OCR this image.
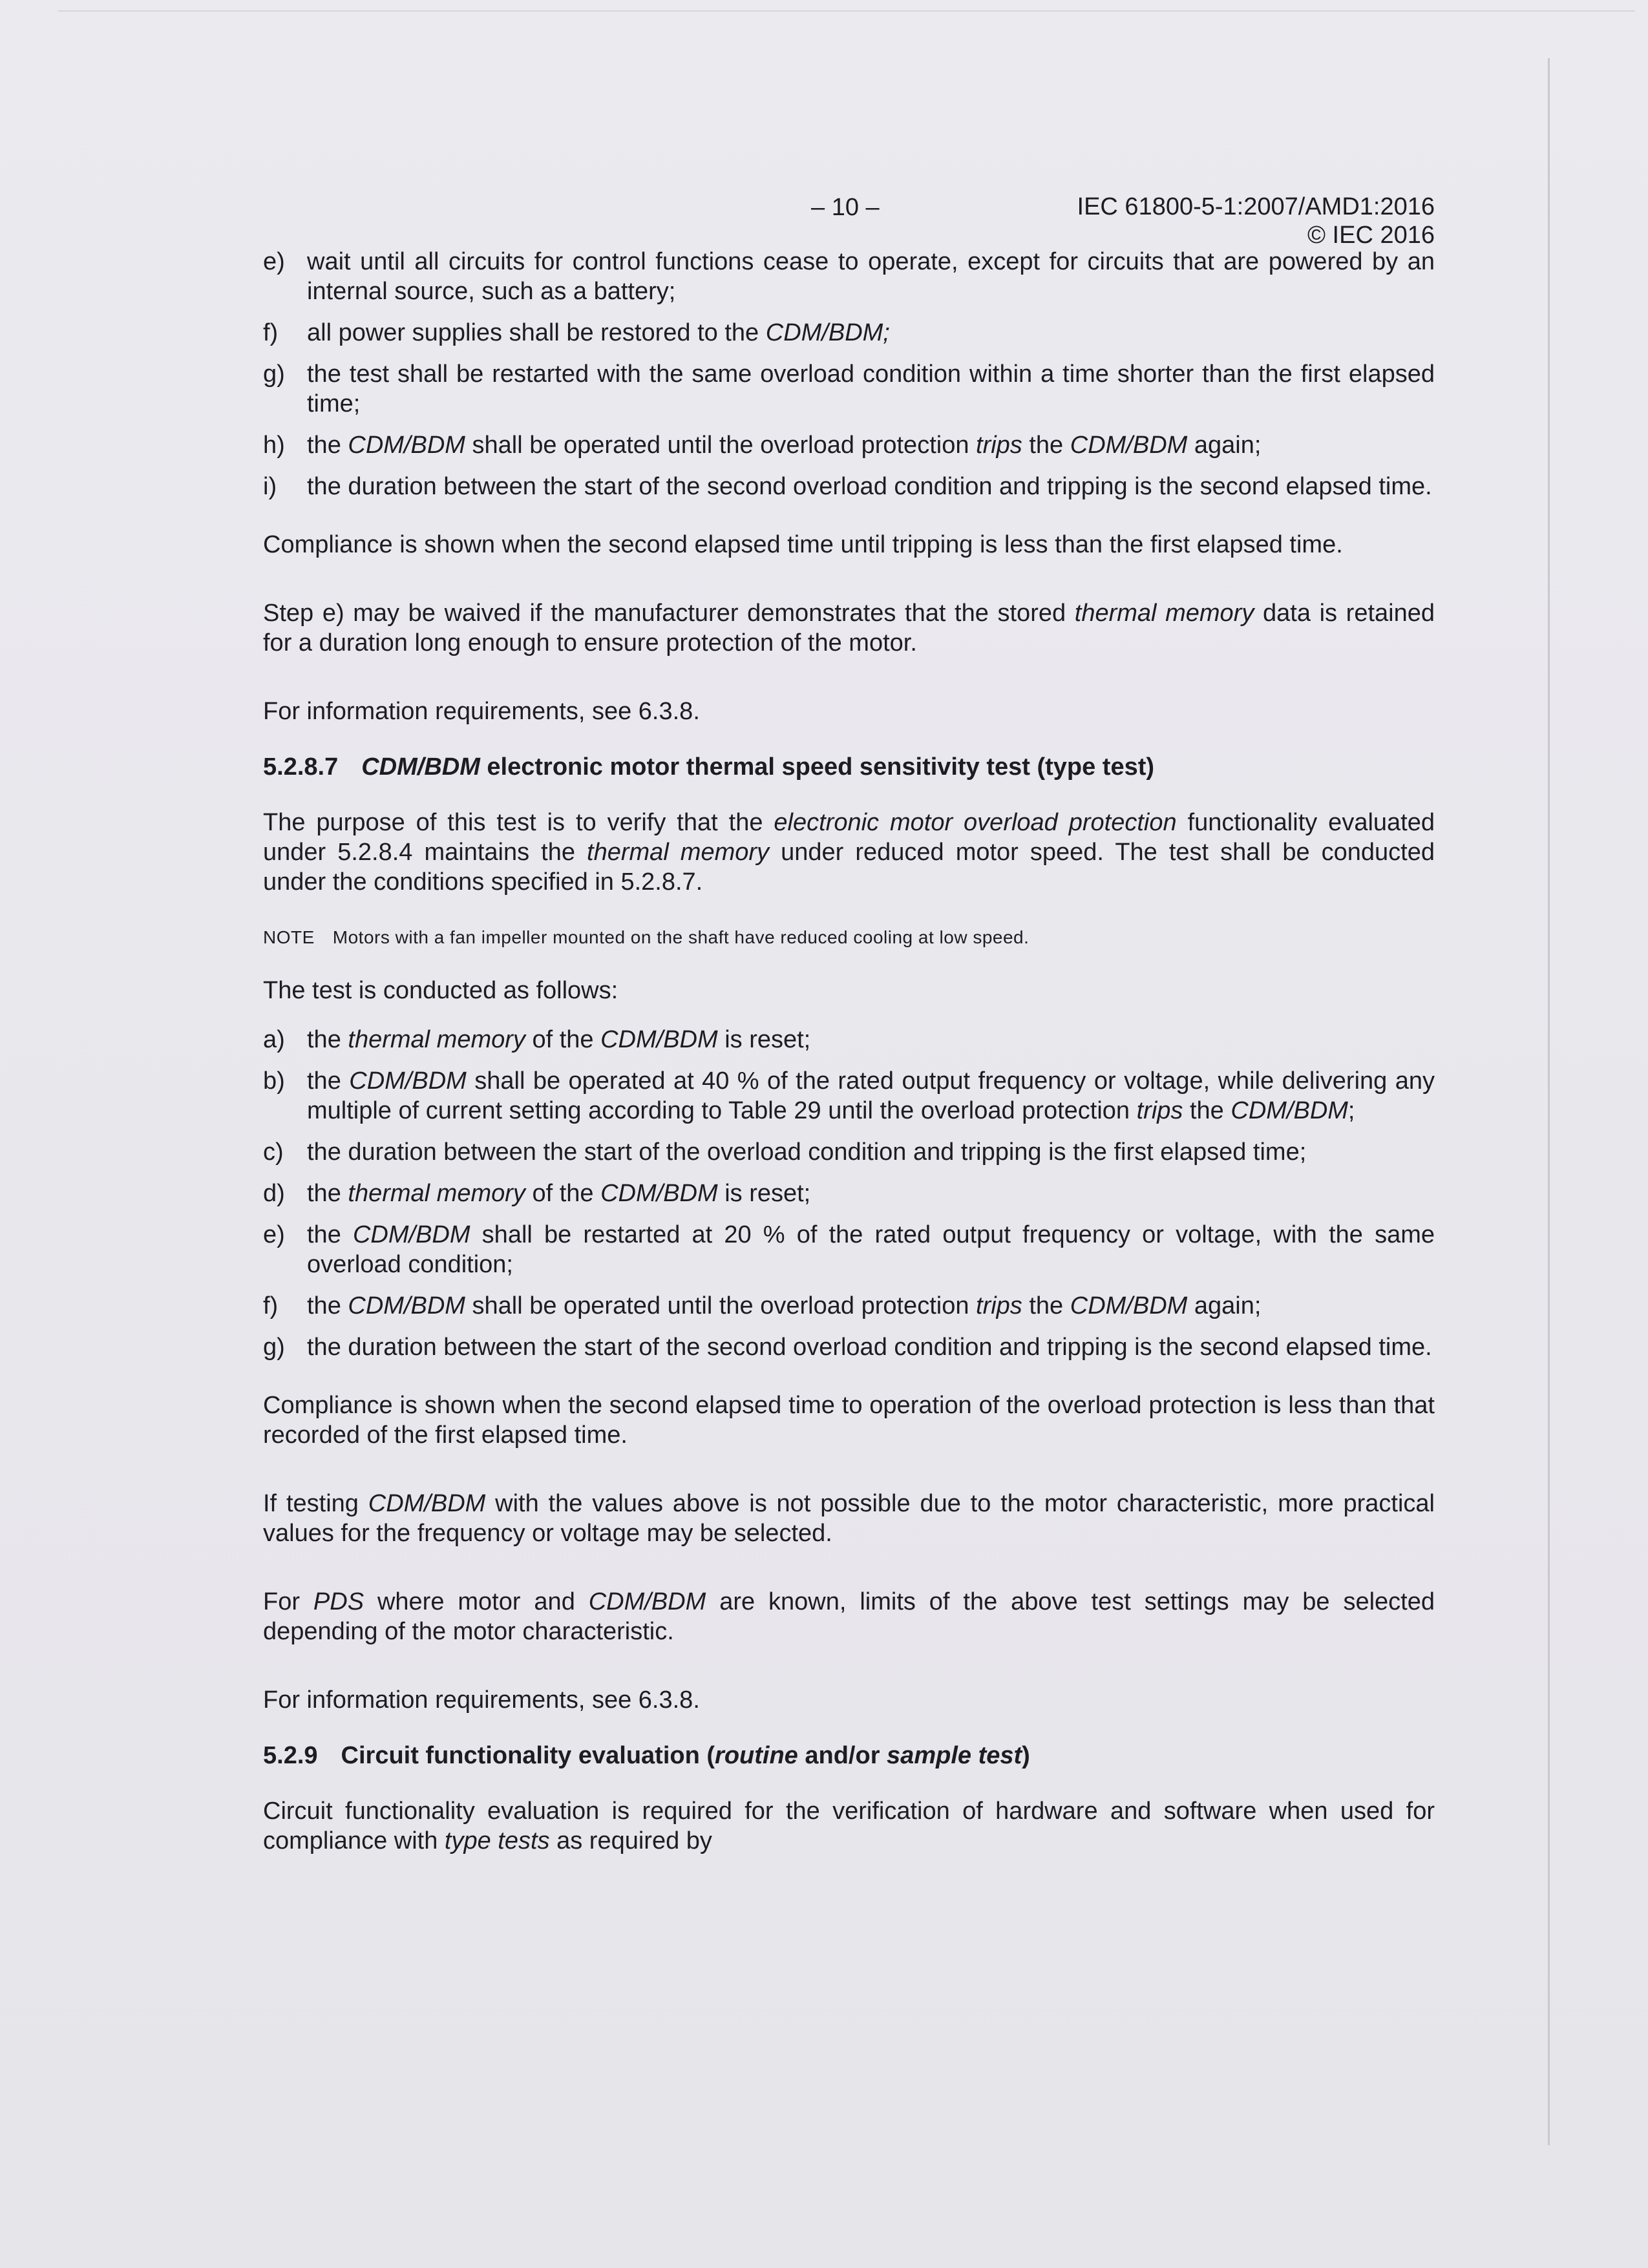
– 10 –	IEC 61800-5-1:2007/AMD1:2016
© IEC 2016
e) wait until all circuits for control functions cease to operate, except for circuits that are powered by an internal source, such as a battery;
f) all power supplies shall be restored to the CDM/BDM;
g) the test shall be restarted with the same overload condition within a time shorter than the first elapsed time;
h) the CDM/BDM shall be operated until the overload protection trips the CDM/BDM again;
i) the duration between the start of the second overload condition and tripping is the second elapsed time.

Compliance is shown when the second elapsed time until tripping is less than the first elapsed time.

Step e) may be waived if the manufacturer demonstrates that the stored thermal memory data is retained for a duration long enough to ensure protection of the motor.

For information requirements, see 6.3.8.

5.2.8.7 CDM/BDM electronic motor thermal speed sensitivity test (type test)

The purpose of this test is to verify that the electronic motor overload protection functionality evaluated under 5.2.8.4 maintains the thermal memory under reduced motor speed. The test shall be conducted under the conditions specified in 5.2.8.7.

NOTE Motors with a fan impeller mounted on the shaft have reduced cooling at low speed.

The test is conducted as follows:

a) the thermal memory of the CDM/BDM is reset;
b) the CDM/BDM shall be operated at 40 % of the rated output frequency or voltage, while delivering any multiple of current setting according to Table 29 until the overload protection trips the CDM/BDM;
c) the duration between the start of the overload condition and tripping is the first elapsed time;
d) the thermal memory of the CDM/BDM is reset;
e) the CDM/BDM shall be restarted at 20 % of the rated output frequency or voltage, with the same overload condition;
f) the CDM/BDM shall be operated until the overload protection trips the CDM/BDM again;
g) the duration between the start of the second overload condition and tripping is the second elapsed time.

Compliance is shown when the second elapsed time to operation of the overload protection is less than that recorded of the first elapsed time.

If testing CDM/BDM with the values above is not possible due to the motor characteristic, more practical values for the frequency or voltage may be selected.

For PDS where motor and CDM/BDM are known, limits of the above test settings may be selected depending of the motor characteristic.

For information requirements, see 6.3.8.

5.2.9 Circuit functionality evaluation (routine and/or sample test)

Circuit functionality evaluation is required for the verification of hardware and software when used for compliance with type tests as required by
